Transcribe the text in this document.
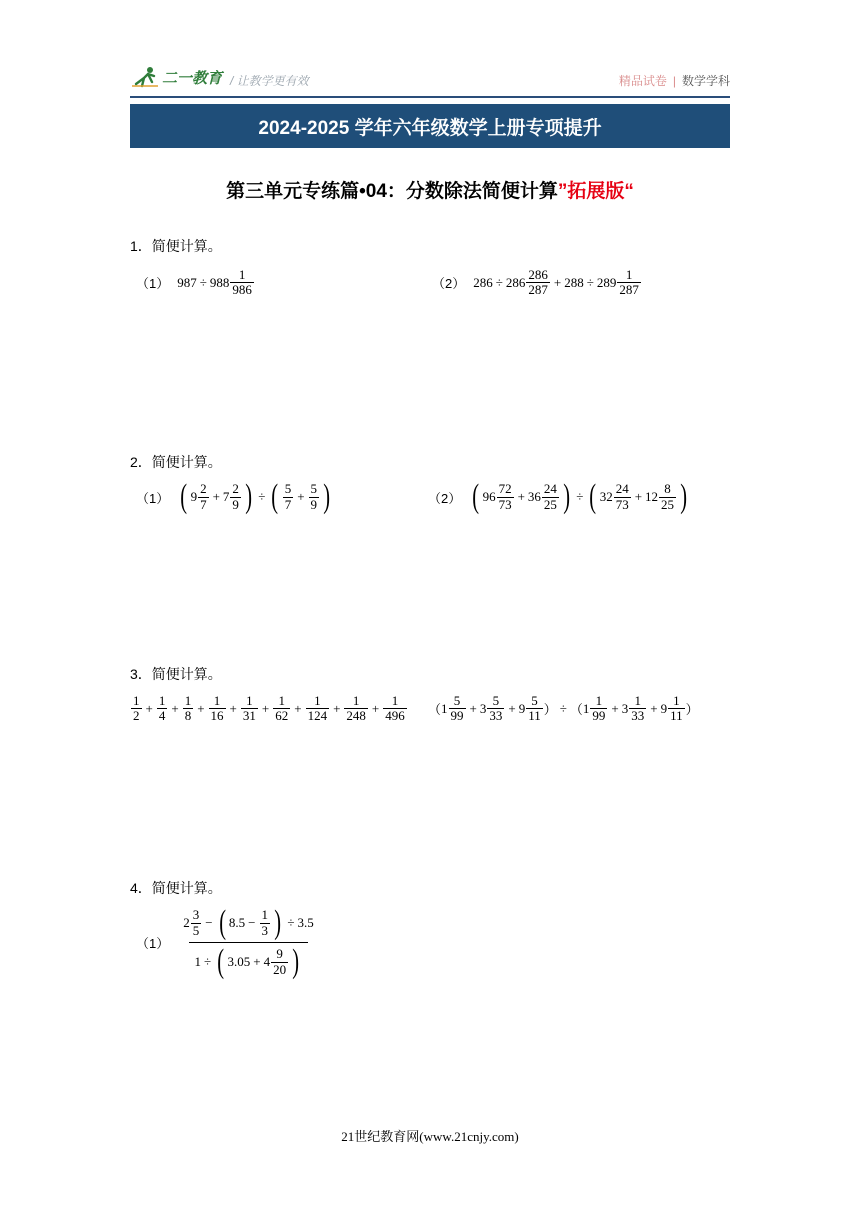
二一教育 / 让教学更有效	精品试卷 | 数学学科
2024-2025 学年六年级数学上册专项提升
第三单元专练篇•04：分数除法简便计算”拓展版“
1．简便计算。
（1） $987 \div 988 \frac{1}{986}$	（2） $286 \div 286 \frac{286}{287} + 288 \div 289 \frac{1}{287}$
2．简便计算。
（1） ( $9 \frac{2}{7} + 7 \frac{2}{9}$ ) ÷ ( $\frac{5}{7} + \frac{5}{9}$ )	（2） ( $96 \frac{72}{73} + 36 \frac{24}{25}$ ) ÷ ( $32 \frac{24}{73} + 12 \frac{8}{25}$ )
3．简便计算。
$\frac{1}{2} + \frac{1}{4} + \frac{1}{8} + \frac{1}{16} + \frac{1}{31} + \frac{1}{62} + \frac{1}{124} + \frac{1}{248} + \frac{1}{496}$ （ $1 \frac{5}{99} + 3 \frac{5}{33} + 9 \frac{5}{11}$ ） ÷ （ $1 \frac{1}{99} + 3 \frac{1}{33} + 9 \frac{1}{11}$ ）
4．简便计算。
（1）
$2 \frac{3}{5}$ − ( $8.5 - \frac{1}{3}$ ) ÷ 3.5
1 ÷ ( $3.05 + 4 \frac{9}{20}$ )
21世纪教育网(www.21cnjy.com)
